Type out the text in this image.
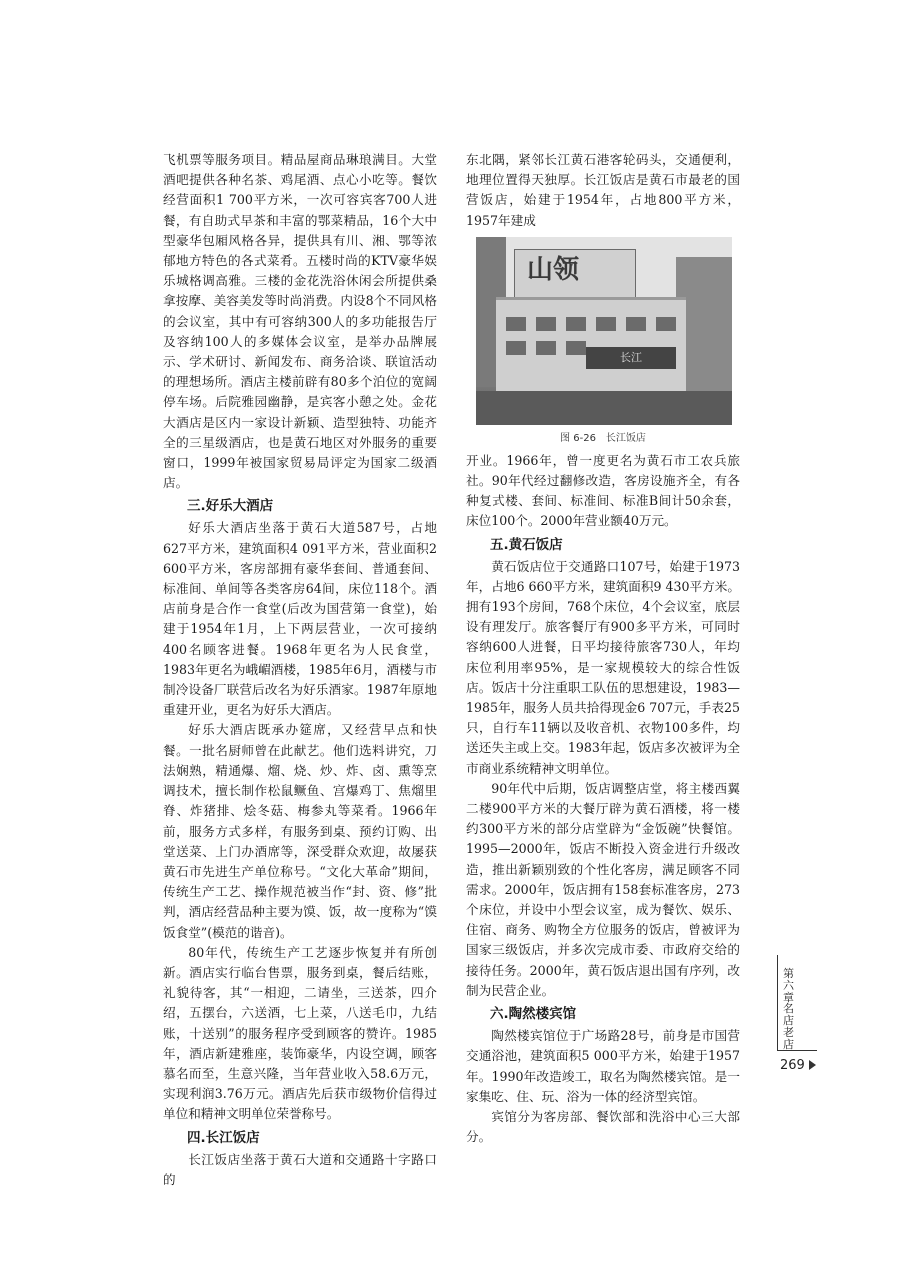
飞机票等服务项目。精品屋商品琳琅满目。大堂酒吧提供各种名茶、鸡尾酒、点心小吃等。餐饮经营面积1 700平方米，一次可容宾客700人进餐，有自助式早茶和丰富的鄂菜精品，16个大中型豪华包厢风格各异，提供具有川、湘、鄂等浓郁地方特色的各式菜肴。五楼时尚的KTV豪华娱乐城格调高雅。三楼的金花洗浴休闲会所提供桑拿按摩、美容美发等时尚消费。内设8个不同风格的会议室，其中有可容纳300人的多功能报告厅及容纳100人的多媒体会议室，是举办品牌展示、学术研讨、新闻发布、商务洽谈、联谊活动的理想场所。酒店主楼前辟有80多个泊位的宽阔停车场。后院雅园幽静，是宾客小憩之处。金花大酒店是区内一家设计新颖、造型独特、功能齐全的三星级酒店，也是黄石地区对外服务的重要窗口，1999年被国家贸易局评定为国家二级酒店。

三.好乐大酒店

好乐大酒店坐落于黄石大道587号，占地627平方米，建筑面积4 091平方米，营业面积2 600平方米，客房部拥有豪华套间、普通套间、标准间、单间等各类客房64间，床位118个。酒店前身是合作一食堂(后改为国营第一食堂)，始建于1954年1月，上下两层营业，一次可接纳400名顾客进餐。1968年更名为人民食堂，1983年更名为峨嵋酒楼，1985年6月，酒楼与市制冷设备厂联营后改名为好乐酒家。1987年原地重建开业，更名为好乐大酒店。

好乐大酒店既承办筵席，又经营早点和快餐。一批名厨师曾在此献艺。他们选料讲究，刀法娴熟，精通爆、熘、烧、炒、炸、卤、熏等烹调技术，擅长制作松鼠鳜鱼、宫爆鸡丁、焦熘里脊、炸猪排、烩冬菇、梅参丸等菜肴。1966年前，服务方式多样，有服务到桌、预约订购、出堂送菜、上门办酒席等，深受群众欢迎，故屡获黄石市先进生产单位称号。“文化大革命”期间，传统生产工艺、操作规范被当作“封、资、修”批判，酒店经营品种主要为馍、饭，故一度称为“馍饭食堂”(模范的谐音)。

80年代，传统生产工艺逐步恢复并有所创新。酒店实行临台售票，服务到桌，餐后结账，礼貌待客，其“一相迎，二请坐，三送茶，四介绍，五摆台，六送酒，七上菜，八送毛巾，九结账，十送别”的服务程序受到顾客的赞许。1985年，酒店新建雅座，装饰豪华，内设空调，顾客慕名而至，生意兴隆，当年营业收入58.6万元，实现利润3.76万元。酒店先后获市级物价信得过单位和精神文明单位荣誉称号。

四.长江饭店

长江饭店坐落于黄石大道和交通路十字路口的

东北隅，紧邻长江黄石港客轮码头，交通便利，地理位置得天独厚。长江饭店是黄石市最老的国营饭店，始建于1954年，占地800平方米，1957年建成

山领
长江
图 6-26　长江饭店

开业。1966年，曾一度更名为黄石市工农兵旅社。90年代经过翻修改造，客房设施齐全，有各种复式楼、套间、标准间、标准B间计50余套，床位100个。2000年营业额40万元。

五.黄石饭店

黄石饭店位于交通路口107号，始建于1973年，占地6 660平方米，建筑面积9 430平方米。拥有193个房间，768个床位，4个会议室，底层设有理发厅。旅客餐厅有900多平方米，可同时容纳600人进餐，日平均接待旅客730人，年均床位利用率95%，是一家规模较大的综合性饭店。饭店十分注重职工队伍的思想建设，1983—1985年，服务人员共拾得现金6 707元，手表25只，自行车11辆以及收音机、衣物100多件，均送还失主或上交。1983年起，饭店多次被评为全市商业系统精神文明单位。

90年代中后期，饭店调整店堂，将主楼西翼二楼900平方米的大餐厅辟为黄石酒楼，将一楼约300平方米的部分店堂辟为“金饭碗”快餐馆。1995—2000年，饭店不断投入资金进行升级改造，推出新颖别致的个性化客房，满足顾客不同需求。2000年，饭店拥有158套标准客房，273个床位，并设中小型会议室，成为餐饮、娱乐、住宿、商务、购物全方位服务的饭店，曾被评为国家三级饭店，并多次完成市委、市政府交给的接待任务。2000年，黄石饭店退出国有序列，改制为民营企业。

六.陶然楼宾馆

陶然楼宾馆位于广场路28号，前身是市国营交通浴池，建筑面积5 000平方米，始建于1957年。1990年改造竣工，取名为陶然楼宾馆。是一家集吃、住、玩、浴为一体的经济型宾馆。

宾馆分为客房部、餐饮部和洗浴中心三大部分。

第六章
名店老店
269
